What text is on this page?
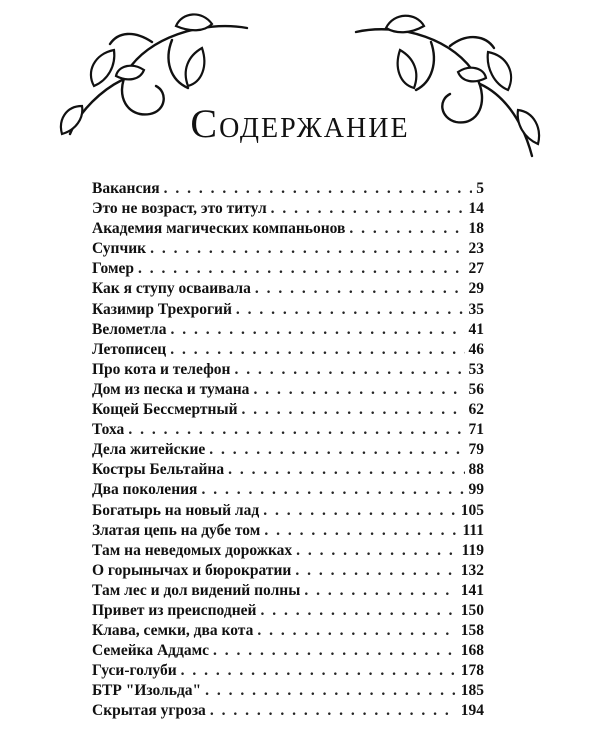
Содержание
Вакансия . . .	5
Это не возраст, это титул . . .	14
Академия магических компаньонов . . .	18
Супчик . . .	23
Гомер . . .	27
Как я ступу осваивала . . .	29
Казимир Трехрогий . . .	35
Велометла . . .	41
Летописец . . .	46
Про кота и телефон . . .	53
Дом из песка и тумана . . .	56
Кощей Бессмертный . . .	62
Тоха . . .	71
Дела житейские . . .	79
Костры Бельтайна . . .	88
Два поколения . . .	99
Богатырь на новый лад . . .	105
Златая цепь на дубе том . . .	111
Там на неведомых дорожках . . .	119
О горынычах и бюрократии . . .	132
Там лес и дол видений полны . . .	141
Привет из преисподней . . .	150
Клава, семки, два кота . . .	158
Семейка Аддамс . . .	168
Гуси-голуби . . .	178
БТР "Изольда" . . .	185
Скрытая угроза . . .	194
